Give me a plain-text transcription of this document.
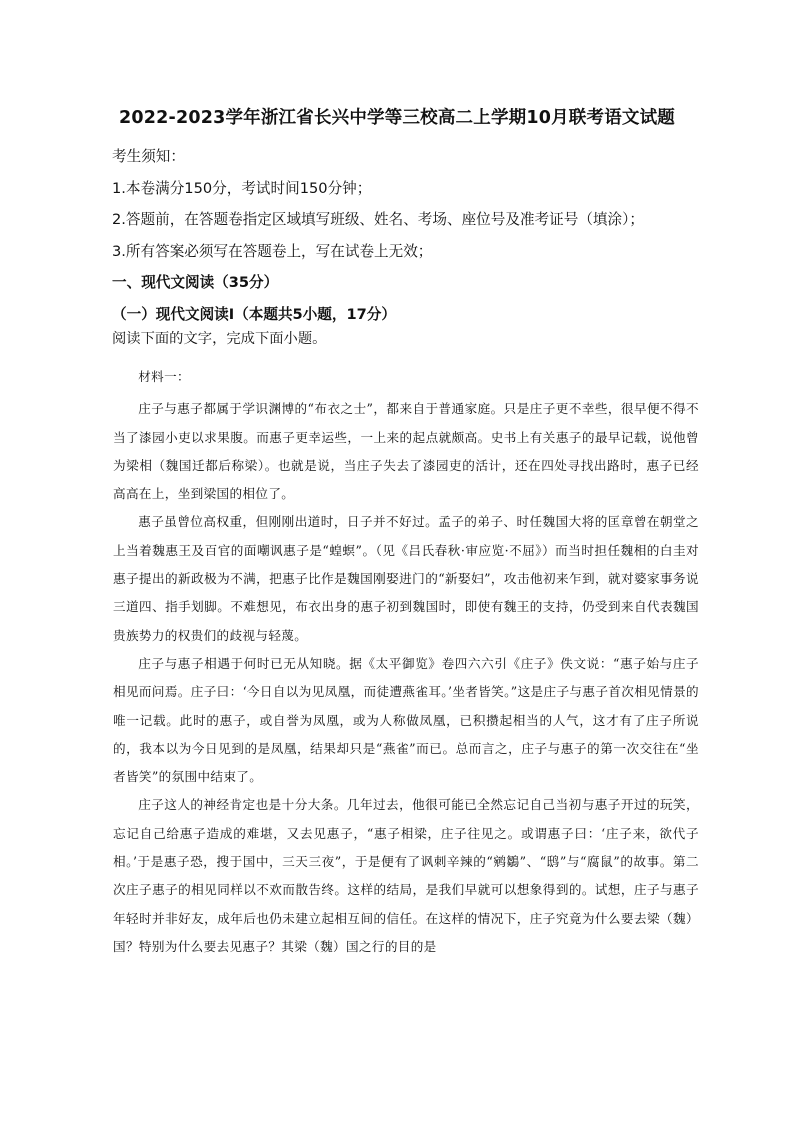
2022-2023学年浙江省长兴中学等三校高二上学期10月联考语文试题
考生须知：
1.本卷满分150分，考试时间150分钟；
2.答题前，在答题卷指定区域填写班级、姓名、考场、座位号及准考证号（填涂）；
3.所有答案必须写在答题卷上，写在试卷上无效；
一、现代文阅读（35分）
（一）现代文阅读Ⅰ（本题共5小题，17分）
阅读下面的文字，完成下面小题。

材料一：

庄子与惠子都属于学识渊博的“布衣之士”，都来自于普通家庭。只是庄子更不幸些，很早便不得不当了漆园小吏以求果腹。而惠子更幸运些，一上来的起点就颇高。史书上有关惠子的最早记载，说他曾为梁相（魏国迁都后称梁）。也就是说，当庄子失去了漆园吏的活计，还在四处寻找出路时，惠子已经高高在上，坐到梁国的相位了。

惠子虽曾位高权重，但刚刚出道时，日子并不好过。孟子的弟子、时任魏国大将的匡章曾在朝堂之上当着魏惠王及百官的面嘲讽惠子是“蝗螟”。（见《吕氏春秋·审应览·不屈》）而当时担任魏相的白圭对惠子提出的新政极为不满，把惠子比作是魏国刚娶进门的“新娶妇”，攻击他初来乍到，就对婆家事务说三道四、指手划脚。不难想见，布衣出身的惠子初到魏国时，即使有魏王的支持，仍受到来自代表魏国贵族势力的权贵们的歧视与轻蔑。

庄子与惠子相遇于何时已无从知晓。据《太平御览》卷四六六引《庄子》佚文说：“惠子始与庄子相见而问焉。庄子曰：‘今日自以为见凤凰，而徒遭燕雀耳。’坐者皆笑。”这是庄子与惠子首次相见情景的唯一记载。此时的惠子，或自誉为凤凰，或为人称做凤凰，已积攒起相当的人气，这才有了庄子所说的，我本以为今日见到的是凤凰，结果却只是“燕雀”而已。总而言之，庄子与惠子的第一次交往在“坐者皆笑”的氛围中结束了。

庄子这人的神经肯定也是十分大条。几年过去，他很可能已全然忘记自己当初与惠子开过的玩笑，忘记自己给惠子造成的难堪，又去见惠子，“惠子相梁，庄子往见之。或谓惠子曰：‘庄子来，欲代子相。’于是惠子恐，搜于国中，三天三夜”，于是便有了讽刺辛辣的“鹓鶵”、“鸱”与“腐鼠”的故事。第二次庄子惠子的相见同样以不欢而散告终。这样的结局，是我们早就可以想象得到的。试想，庄子与惠子年轻时并非好友，成年后也仍未建立起相互间的信任。在这样的情况下，庄子究竟为什么要去梁（魏）国？特别为什么要去见惠子？其梁（魏）国之行的目的是
